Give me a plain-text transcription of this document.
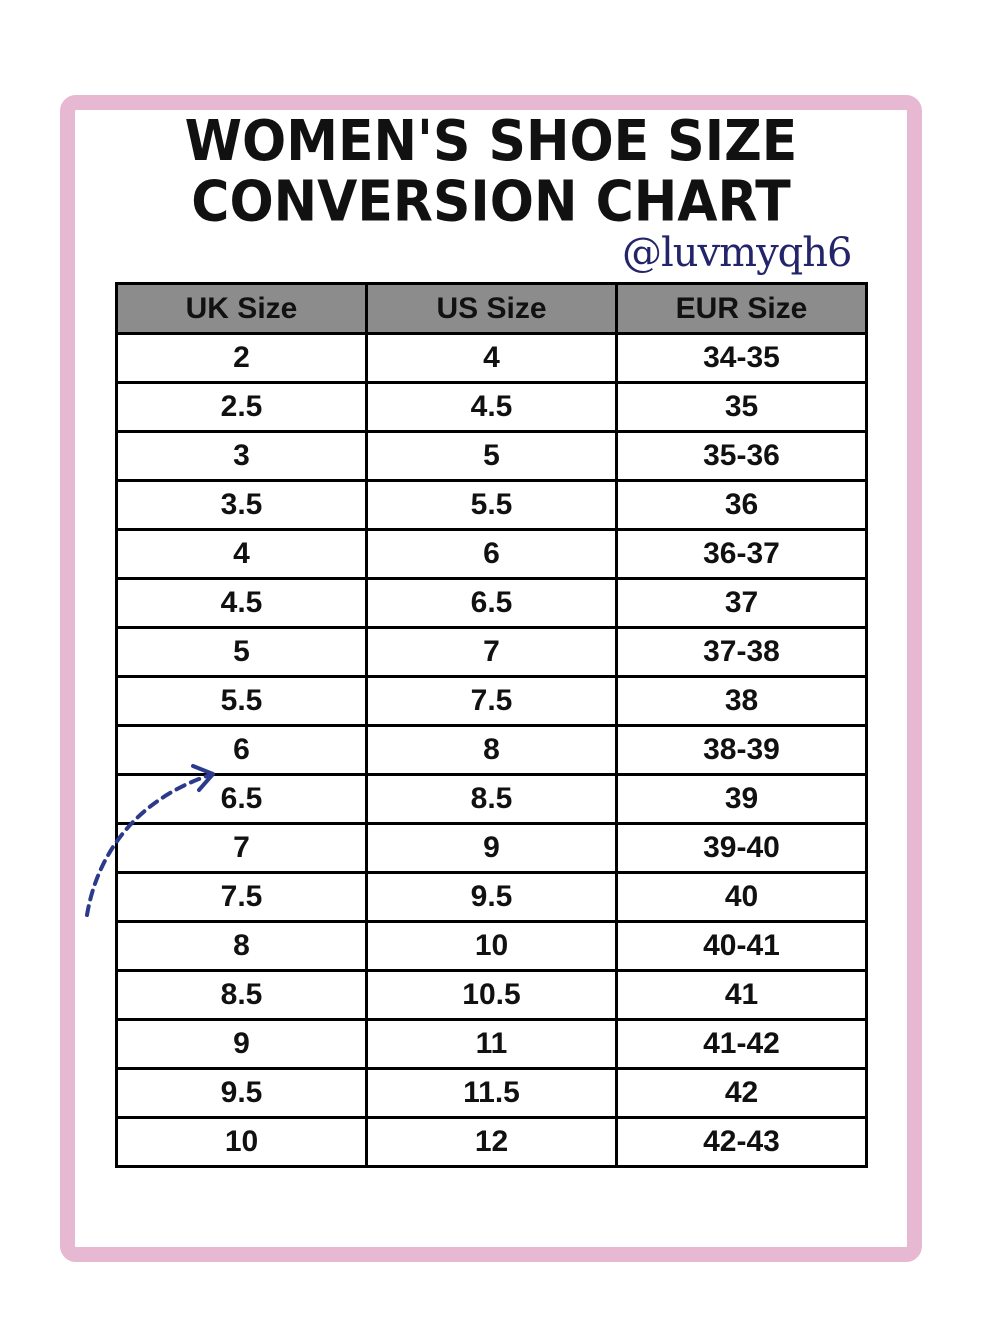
WOMEN'S SHOE SIZE
CONVERSION CHART
@luvmyqh6
UK Size	US Size	EUR Size
2	4	34-35
2.5	4.5	35
3	5	35-36
3.5	5.5	36
4	6	36-37
4.5	6.5	37
5	7	37-38
5.5	7.5	38
6	8	38-39
6.5	8.5	39
7	9	39-40
7.5	9.5	40
8	10	40-41
8.5	10.5	41
9	11	41-42
9.5	11.5	42
10	12	42-43
